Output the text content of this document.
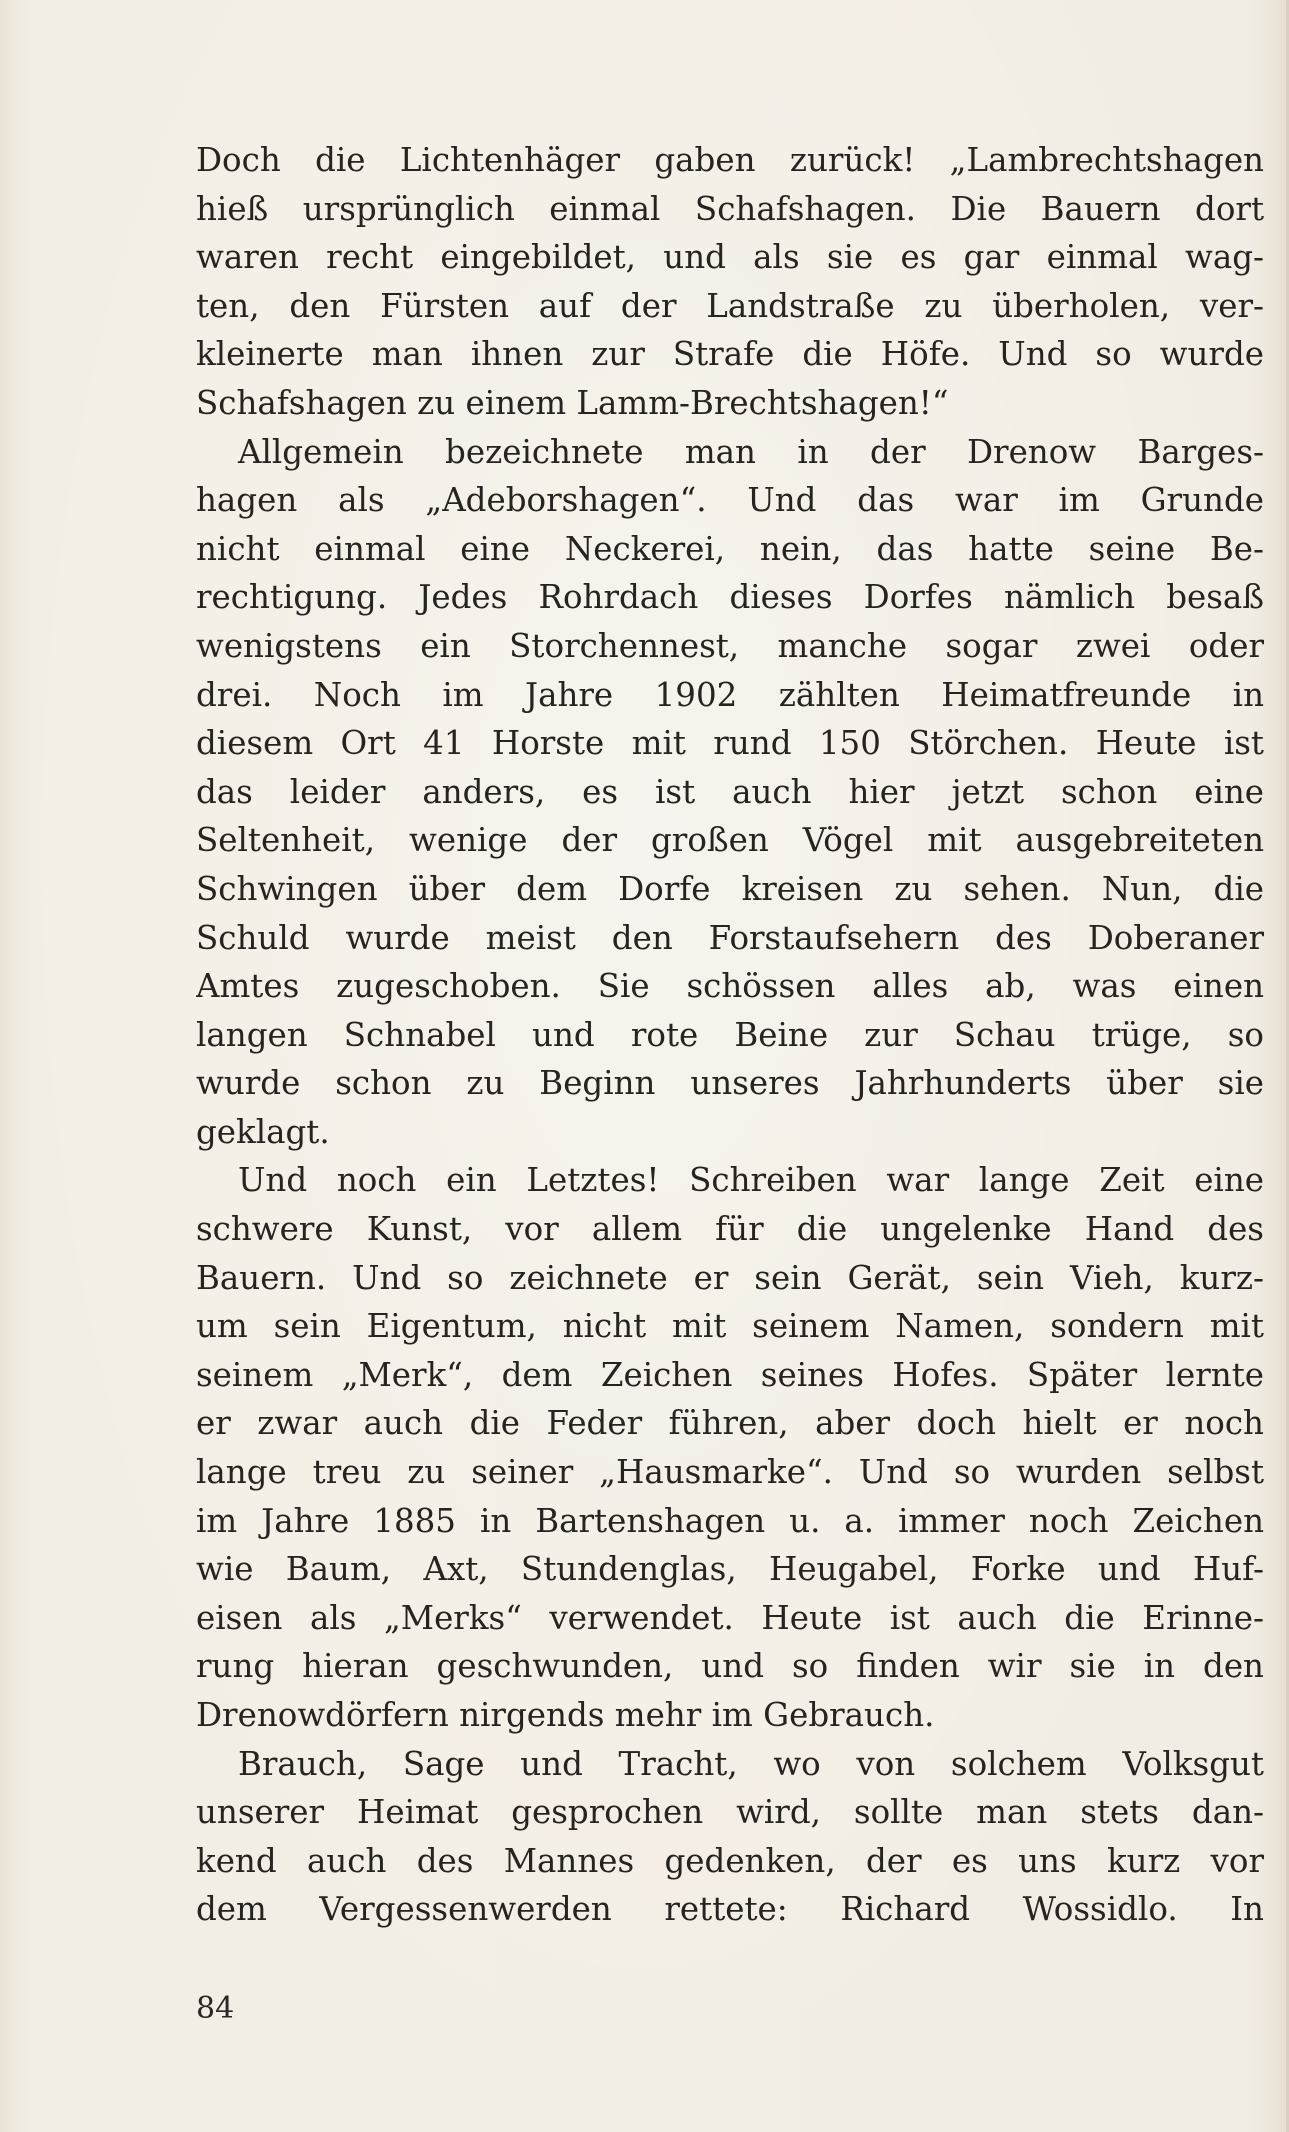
Doch die Lichtenhäger gaben zurück! „Lambrechtshagen
hieß ursprünglich einmal Schafshagen. Die Bauern dort
waren recht eingebildet, und als sie es gar einmal wag-
ten, den Fürsten auf der Landstraße zu überholen, ver-
kleinerte man ihnen zur Strafe die Höfe. Und so wurde
Schafshagen zu einem Lamm-Brechtshagen!“
Allgemein bezeichnete man in der Drenow Barges-
hagen als „Adeborshagen“. Und das war im Grunde
nicht einmal eine Neckerei, nein, das hatte seine Be-
rechtigung. Jedes Rohrdach dieses Dorfes nämlich besaß
wenigstens ein Storchennest, manche sogar zwei oder
drei. Noch im Jahre 1902 zählten Heimatfreunde in
diesem Ort 41 Horste mit rund 150 Störchen. Heute ist
das leider anders, es ist auch hier jetzt schon eine
Seltenheit, wenige der großen Vögel mit ausgebreiteten
Schwingen über dem Dorfe kreisen zu sehen. Nun, die
Schuld wurde meist den Forstaufsehern des Doberaner
Amtes zugeschoben. Sie schössen alles ab, was einen
langen Schnabel und rote Beine zur Schau trüge, so
wurde schon zu Beginn unseres Jahrhunderts über sie
geklagt.
Und noch ein Letztes! Schreiben war lange Zeit eine
schwere Kunst, vor allem für die ungelenke Hand des
Bauern. Und so zeichnete er sein Gerät, sein Vieh, kurz-
um sein Eigentum, nicht mit seinem Namen, sondern mit
seinem „Merk“, dem Zeichen seines Hofes. Später lernte
er zwar auch die Feder führen, aber doch hielt er noch
lange treu zu seiner „Hausmarke“. Und so wurden selbst
im Jahre 1885 in Bartenshagen u. a. immer noch Zeichen
wie Baum, Axt, Stundenglas, Heugabel, Forke und Huf-
eisen als „Merks“ verwendet. Heute ist auch die Erinne-
rung hieran geschwunden, und so finden wir sie in den
Drenowdörfern nirgends mehr im Gebrauch.
Brauch, Sage und Tracht, wo von solchem Volksgut
unserer Heimat gesprochen wird, sollte man stets dan-
kend auch des Mannes gedenken, der es uns kurz vor
dem Vergessenwerden rettete: Richard Wossidlo. In
84
